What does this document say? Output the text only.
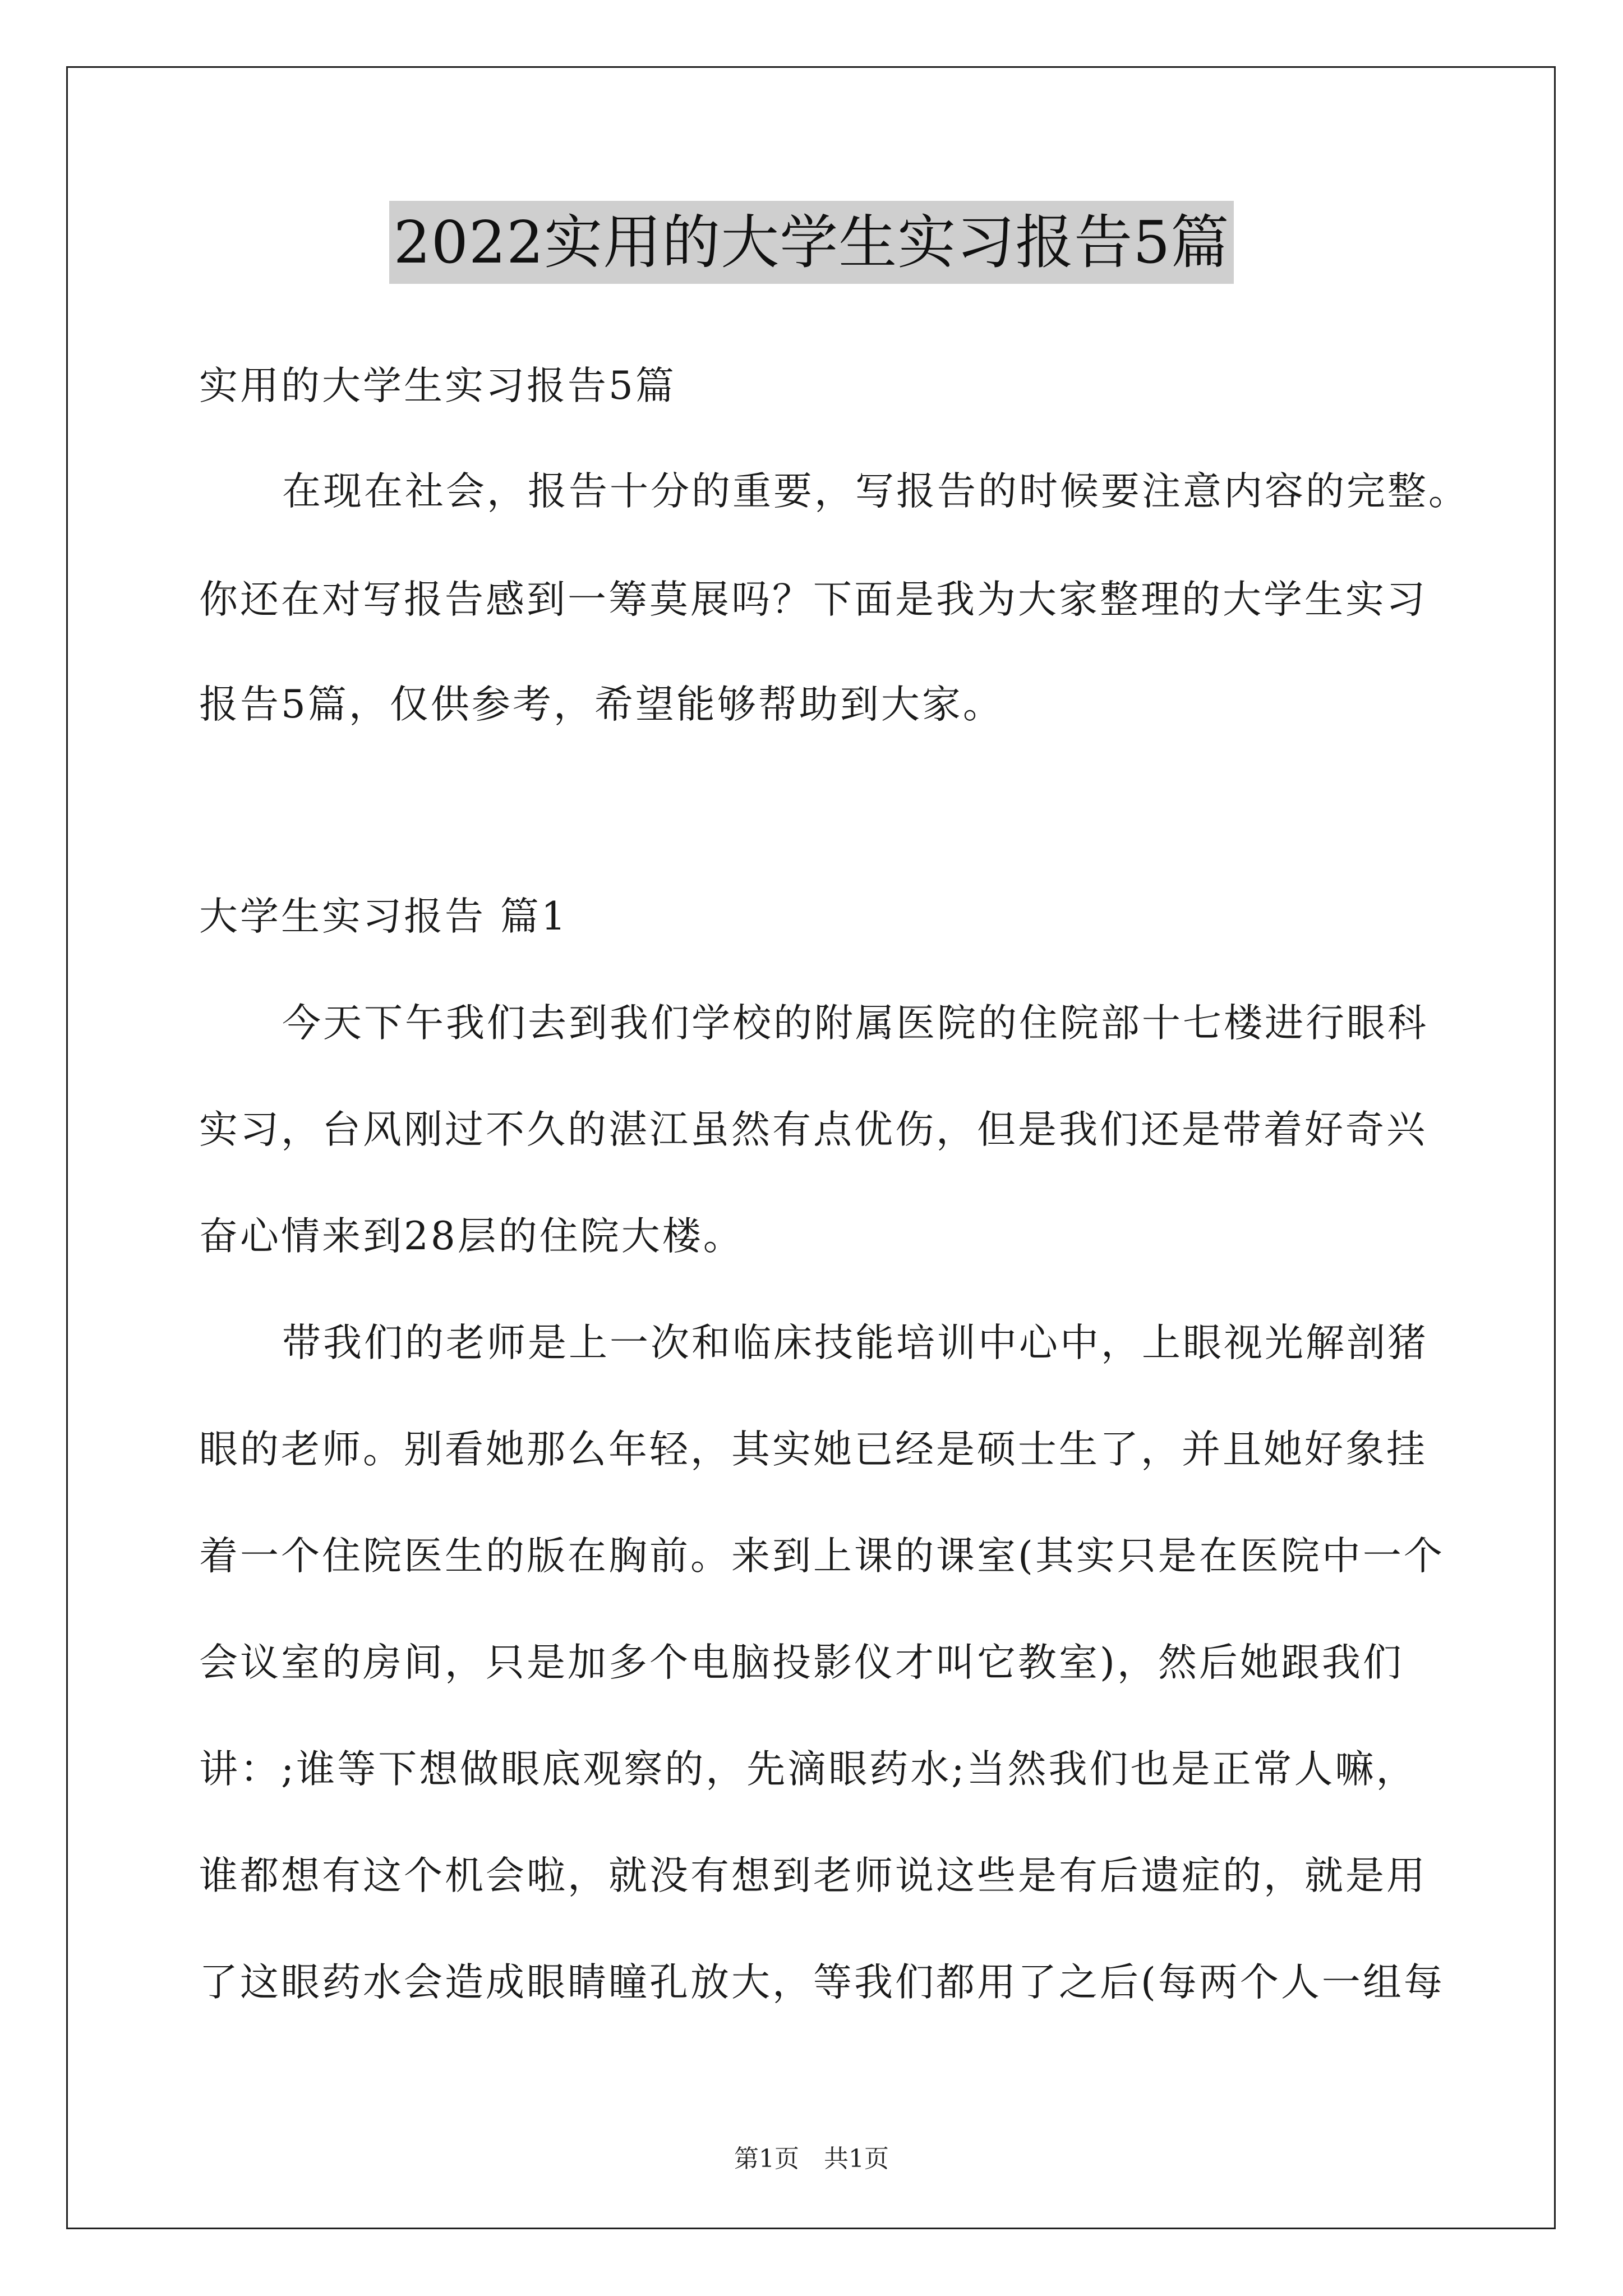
2022实用的大学生实习报告5篇
实用的大学生实习报告5篇
在现在社会，报告十分的重要，写报告的时候要注意内容的完整。
你还在对写报告感到一筹莫展吗？下面是我为大家整理的大学生实习
报告5篇，仅供参考，希望能够帮助到大家。
大学生实习报告 篇1
今天下午我们去到我们学校的附属医院的住院部十七楼进行眼科
实习，台风刚过不久的湛江虽然有点优伤，但是我们还是带着好奇兴
奋心情来到28层的住院大楼。
带我们的老师是上一次和临床技能培训中心中，上眼视光解剖猪
眼的老师。别看她那么年轻，其实她已经是硕士生了，并且她好象挂
着一个住院医生的版在胸前。来到上课的课室(其实只是在医院中一个
会议室的房间，只是加多个电脑投影仪才叫它教室)，然后她跟我们
讲：;谁等下想做眼底观察的，先滴眼药水;当然我们也是正常人嘛，
谁都想有这个机会啦，就没有想到老师说这些是有后遗症的，就是用
了这眼药水会造成眼睛瞳孔放大，等我们都用了之后(每两个人一组每
第1页　共1页
